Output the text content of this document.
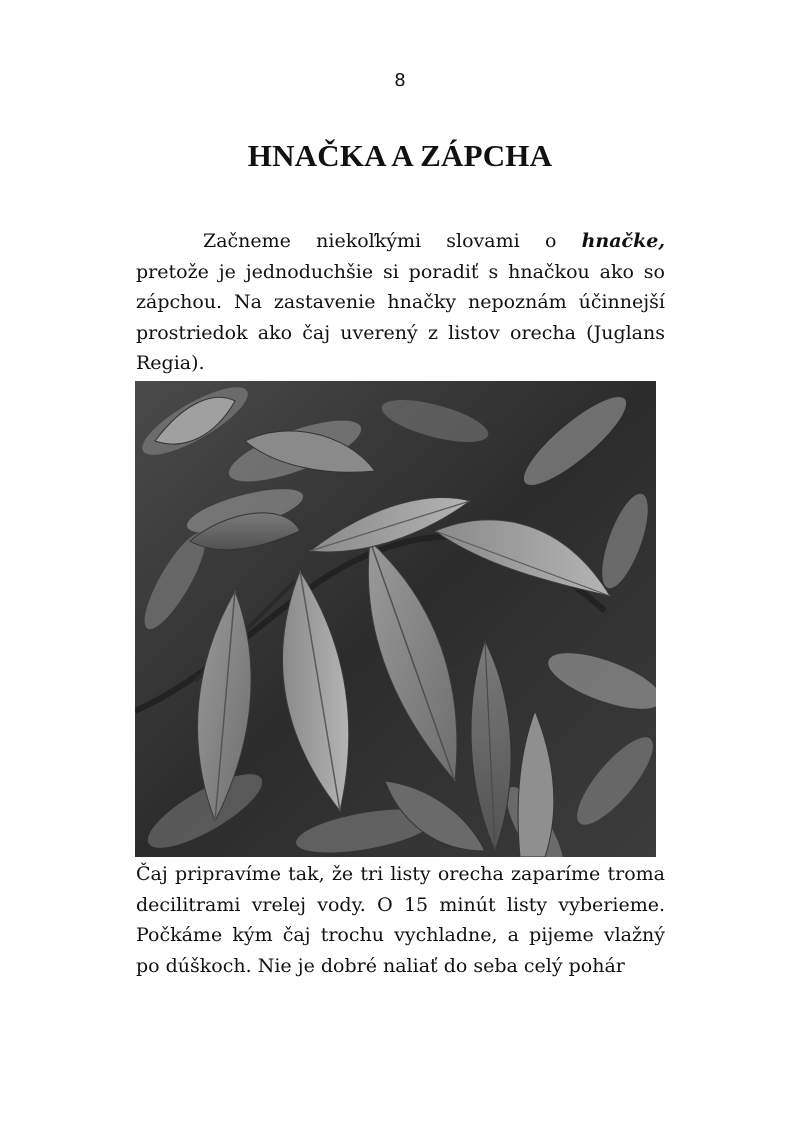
8
HNAČKA A ZÁPCHA

Začneme niekoľkými slovami o hnačke, pretože je jednoduchšie si poradiť s hnačkou ako so zápchou. Na zastavenie hnačky nepoznám účinnejší prostriedok ako čaj uverený z listov orecha (Juglans Regia).

Čaj pripravíme tak, že tri listy orecha zaparíme troma decilitrami vrelej vody. O 15 minút listy vyberieme. Počkáme kým čaj trochu vychladne, a pijeme vlažný po dúškoch. Nie je dobré naliať do seba celý pohár
